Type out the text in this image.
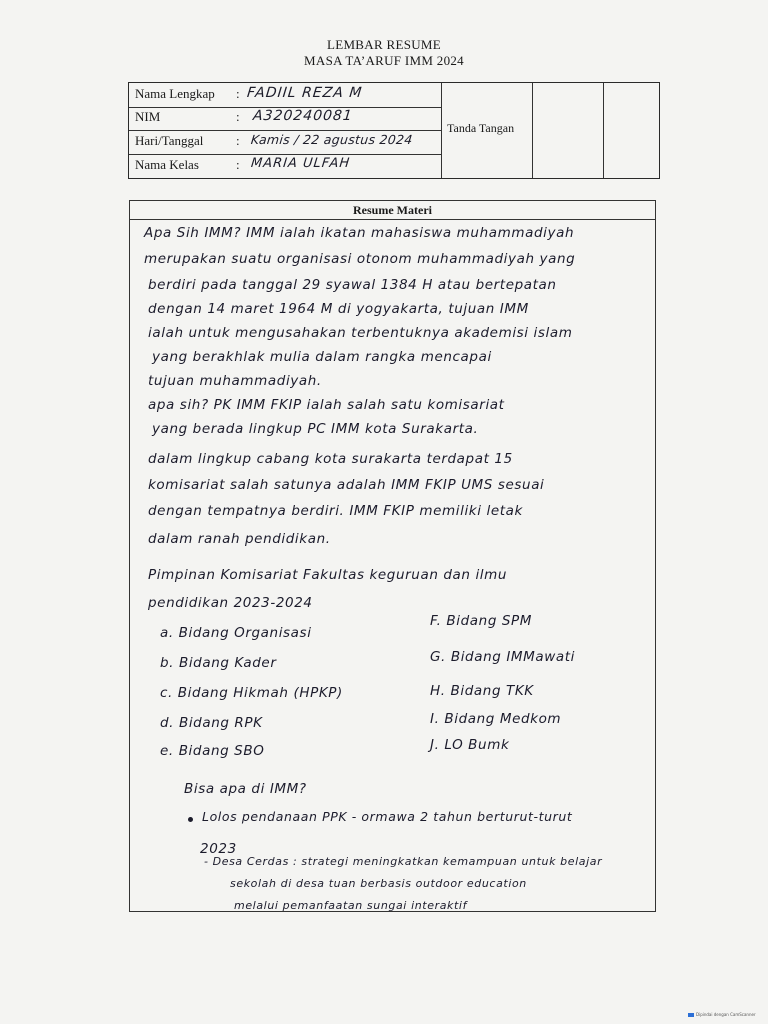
LEMBAR RESUME
MASA TA’ARUF IMM 2024
Nama Lengkap : FADIIL REZA M
NIM	: A320240081
Hari/Tanggal	: Kamis / 22 agustus 2024
Nama Kelas	: MARIA ULFAH
Tanda Tangan
Resume Materi
Apa Sih IMM? IMM ialah ikatan mahasiswa muhammadiyah
merupakan suatu organisasi otonom muhammadiyah yang
berdiri pada tanggal 29 syawal 1384 H atau bertepatan
dengan 14 maret 1964 M di yogyakarta, tujuan IMM
ialah untuk mengusahakan terbentuknya akademisi islam
yang berakhlak mulia dalam rangka mencapai
tujuan muhammadiyah.
apa sih? PK IMM FKIP ialah salah satu komisariat
yang berada lingkup PC IMM kota Surakarta.
dalam lingkup cabang kota surakarta terdapat 15
komisariat salah satunya adalah IMM FKIP UMS sesuai
dengan tempatnya berdiri. IMM FKIP memiliki letak
dalam ranah pendidikan.
Pimpinan Komisariat Fakultas keguruan dan ilmu
pendidikan 2023-2024
a. Bidang Organisasi
b. Bidang Kader
c. Bidang Hikmah (HPKP)
d. Bidang RPK
e. Bidang SBO
F. Bidang SPM
G. Bidang IMMawati
H. Bidang TKK
I. Bidang Medkom
J. LO Bumk
Bisa apa di IMM?
Lolos pendanaan PPK - ormawa 2 tahun berturut-turut
2023
- Desa Cerdas : strategi meningkatkan kemampuan untuk belajar
sekolah di desa tuan berbasis outdoor education
melalui pemanfaatan sungai interaktif
Dipindai dengan CamScanner
